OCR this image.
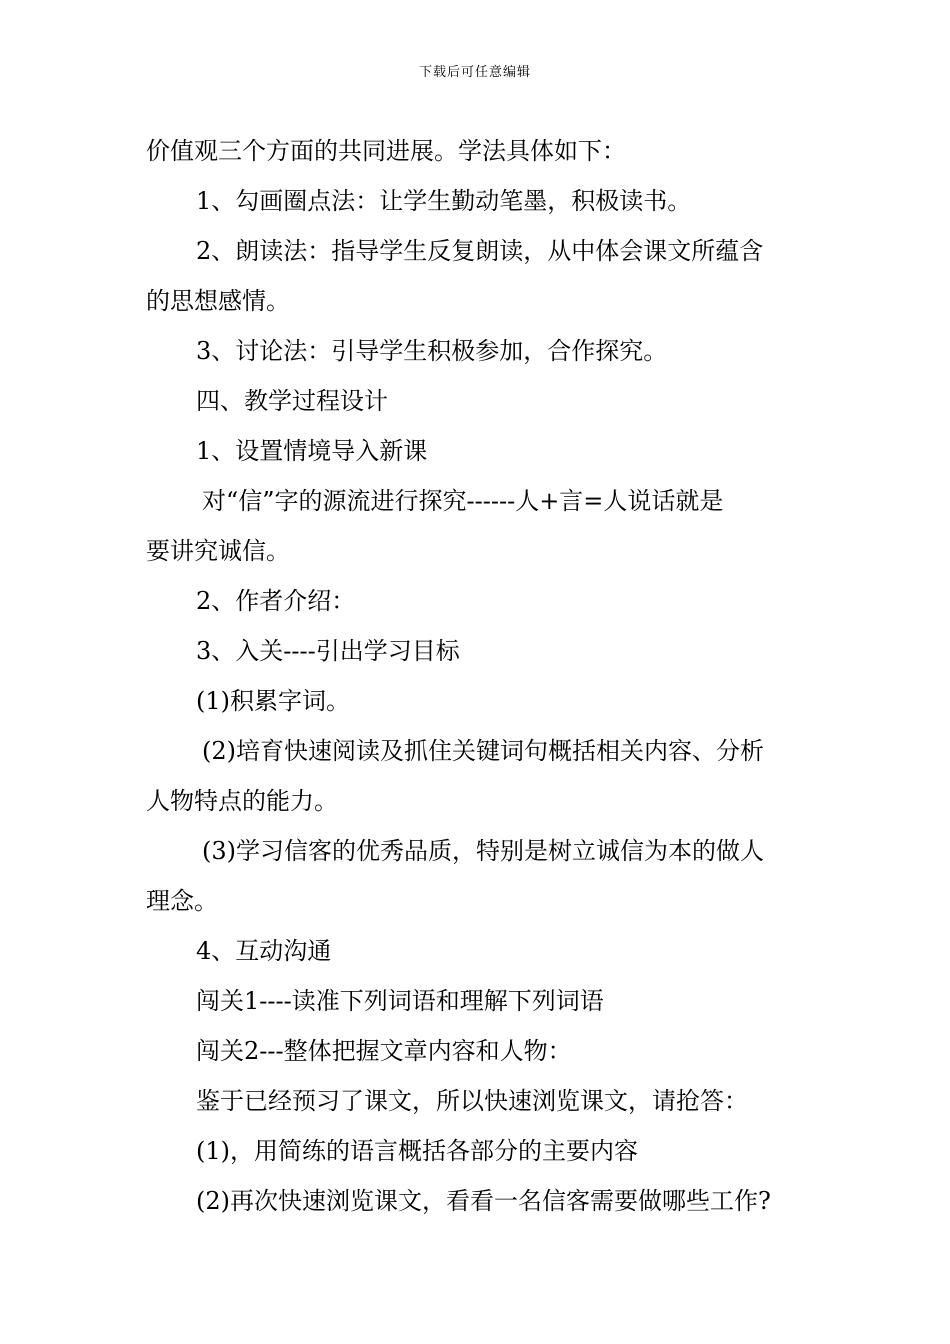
下载后可任意编辑

价值观三个方面的共同进展。学法具体如下：

1、勾画圈点法：让学生勤动笔墨，积极读书。

2、朗读法：指导学生反复朗读，从中体会课文所蕴含

的思想感情。

3、讨论法：引导学生积极参加，合作探究。

四、教学过程设计

1、设置情境导入新课

对“信”字的源流进行探究------人+言=人说话就是

要讲究诚信。

2、作者介绍：

3、入关----引出学习目标

(1)积累字词。

(2)培育快速阅读及抓住关键词句概括相关内容、分析

人物特点的能力。

(3)学习信客的优秀品质，特别是树立诚信为本的做人

理念。

4、互动沟通

闯关1----读准下列词语和理解下列词语

闯关2---整体把握文章内容和人物：

鉴于已经预习了课文，所以快速浏览课文，请抢答：

(1)，用简练的语言概括各部分的主要内容

(2)再次快速浏览课文，看看一名信客需要做哪些工作?
